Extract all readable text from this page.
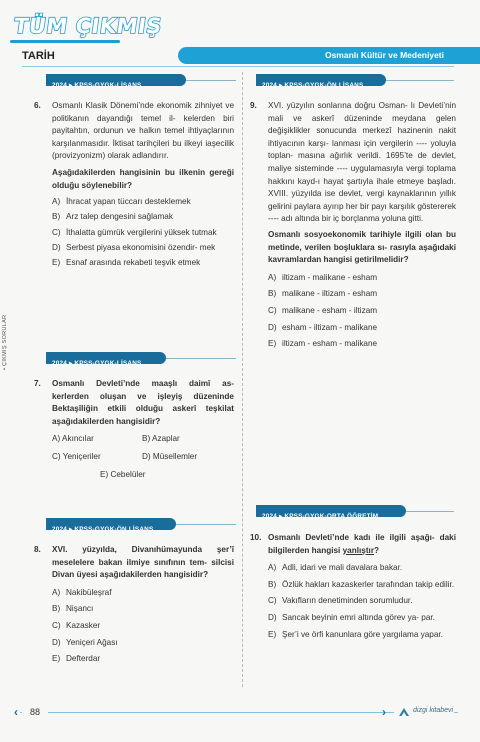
TÜM ÇIKMIŞ
TARİH	Osmanlı Kültür ve Medeniyeti
• ÇIKMIŞ SORULAR
2024 ▸ KPSS-GYGK-LİSANS
6.	Osmanlı Klasik Dönemi’nde ekonomik zihniyet ve politikanın dayandığı temel il- kelerden biri payitahtın, ordunun ve halkın temel ihtiyaçlarının karşılanmasıdır. İktisat tarihçileri bu ilkeyi iaşecilik (provizyonizm) olarak adlandırır.
Aşağıdakilerden hangisinin bu ilkenin gereği olduğu söylenebilir?
A) İhracat yapan tüccarı desteklemek
B) Arz talep dengesini sağlamak
C) İthalatta gümrük vergilerini yüksek tutmak
D) Serbest piyasa ekonomisini özendir- mek
E) Esnaf arasında rekabeti teşvik etmek
2024 ▸ KPSS-GYGK-LİSANS
7.	Osmanlı Devleti’nde maaşlı daimî as- kerlerden oluşan ve işleyiş düzeninde Bektaşîliğin etkili olduğu askerî teşkilat aşağıdakilerden hangisidir?
A) Akıncılar	B) Azaplar
C) Yeniçeriler	D) Müsellemler
E) Cebelüler
2024 ▸ KPSS-GYGK-ÖN LİSANS
8.	XVI. yüzyılda, Divanıhümayunda şer’î meselelere bakan ilmiye sınıfının tem- silcisi Divan üyesi aşağıdakilerden hangisidir?
A) Nakibüleşraf
B) Nişancı
C) Kazasker
D) Yeniçeri Ağası
E) Defterdar
2024 ▸ KPSS-GYGK-ÖN LİSANS
9.	XVI. yüzyılın sonlarına doğru Osman- lı Devleti’nin mali ve askerî düzeninde meydana gelen değişiklikler sonucunda merkezî hazinenin nakit ihtiyacının karşı- lanması için vergilerin ---- yoluyla toplan- masına ağırlık verildi. 1695’te de devlet, maliye sisteminde ---- uygulamasıyla vergi toplama hakkını kayd-ı hayat şartıyla ihale etmeye başladı. XVIII. yüzyılda ise devlet, vergi kaynaklarının yıllık gelirini paylara ayırıp her bir payı karşılık göstererek ---- adı altında bir iç borçlanma yoluna gitti.
Osmanlı sosyoekonomik tarihiyle ilgili olan bu metinde, verilen boşluklara sı- rasıyla aşağıdaki kavramlardan hangisi getirilmelidir?
A) iltizam - malikane - esham
B) malikane - iltizam - esham
C) malikane - esham - iltizam
D) esham - iltizam - malikane
E) iltizam - esham - malikane
2024 ▸ KPSS-GYGK-ORTA ÖĞRETİM
10. Osmanlı Devleti’nde kadı ile ilgili aşağı- daki bilgilerden hangisi yanlıştır?
A) Adli, idari ve mali davalara bakar.
B) Özlük hakları kazaskerler tarafından takip edilir.
C) Vakıfların denetiminden sorumludur.
D) Sancak beyinin emri altında görev ya- par.
E) Şer’i ve örfi kanunlara göre yargılama yapar.
‹	88	›	dizgi kitabevi
